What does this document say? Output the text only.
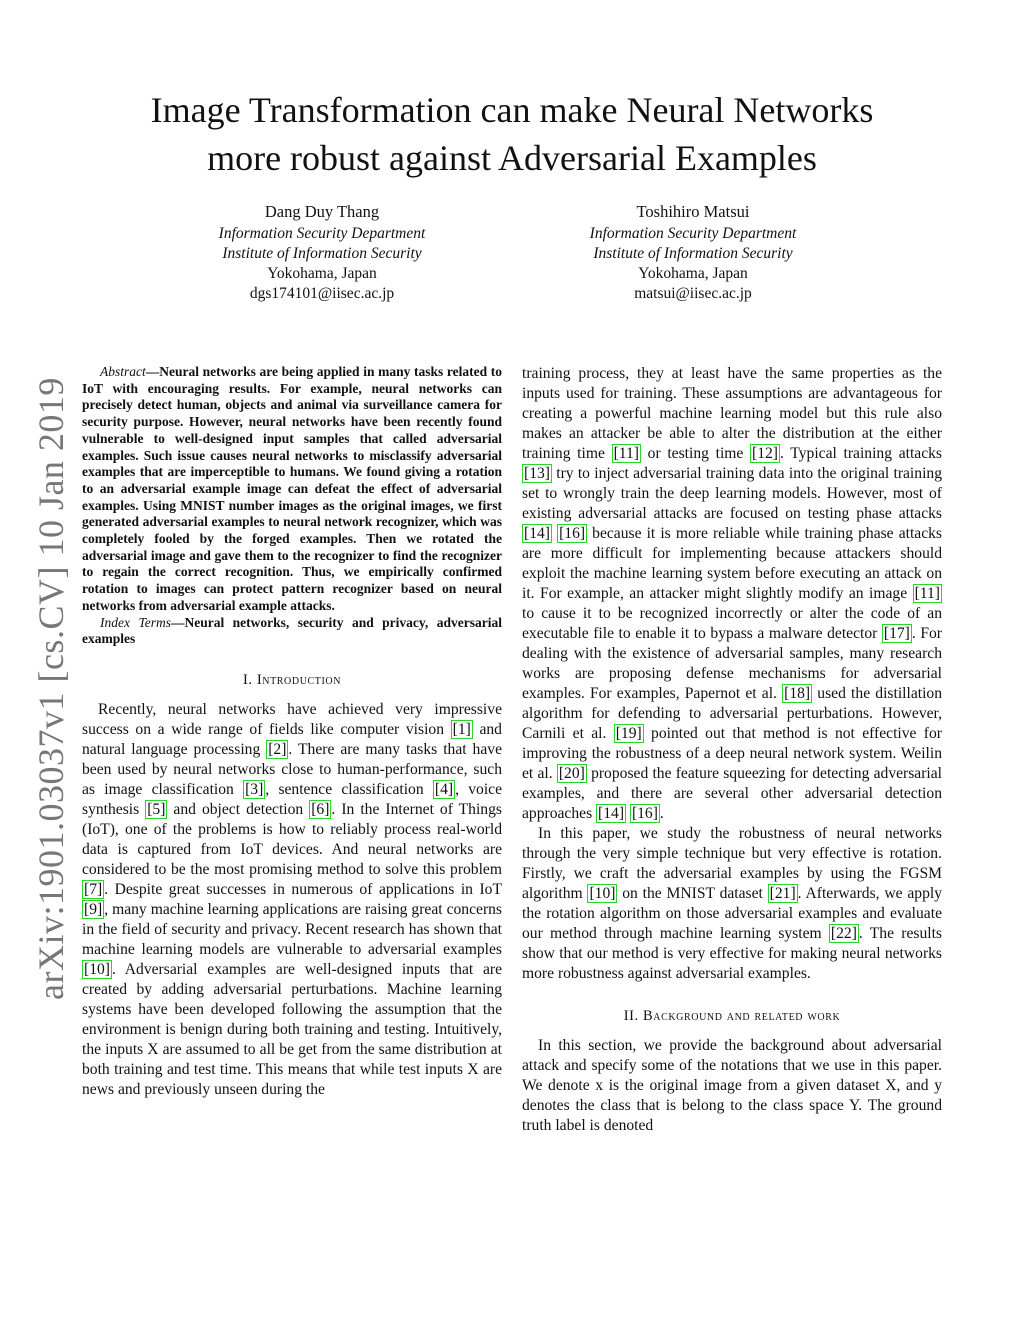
arXiv:1901.03037v1 [cs.CV] 10 Jan 2019
Image Transformation can make Neural Networks
more robust against Adversarial Examples
Dang Duy Thang
Information Security Department
Institute of Information Security
Yokohama, Japan
dgs174101@iisec.ac.jp
Toshihiro Matsui
Information Security Department
Institute of Information Security
Yokohama, Japan
matsui@iisec.ac.jp

Abstract—Neural networks are being applied in many tasks related to IoT with encouraging results. For example, neural networks can precisely detect human, objects and animal via surveillance camera for security purpose. However, neural networks have been recently found vulnerable to well-designed input samples that called adversarial examples. Such issue causes neural networks to misclassify adversarial examples that are imperceptible to humans. We found giving a rotation to an adversarial example image can defeat the effect of adversarial examples. Using MNIST number images as the original images, we first generated adversarial examples to neural network recognizer, which was completely fooled by the forged examples. Then we rotated the adversarial image and gave them to the recognizer to find the recognizer to regain the correct recognition. Thus, we empirically confirmed rotation to images can protect pattern recognizer based on neural networks from adversarial example attacks.

Index Terms—Neural networks, security and privacy, adversarial examples

I. Introduction

Recently, neural networks have achieved very impressive success on a wide range of fields like computer vision [1] and natural language processing [2] . There are many tasks that have been used by neural networks close to human-performance, such as image classification [3] , sentence classification [4] , voice synthesis [5] and object detection [6] . In the Internet of Things (IoT), one of the problems is how to reliably process real-world data is captured from IoT devices. And neural networks are considered to be the most promising method to solve this problem [7] . Despite great successes in numerous of applications in IoT [9] , many machine learning applications are raising great concerns in the field of security and privacy. Recent research has shown that machine learning models are vulnerable to adversarial examples [10] . Adversarial examples are well-designed inputs that are created by adding adversarial perturbations. Machine learning systems have been developed following the assumption that the environment is benign during both training and testing. Intuitively, the inputs X are assumed to all be get from the same distribution at both training and test time. This means that while test inputs X are news and previously unseen during the

training process, they at least have the same properties as the inputs used for training. These assumptions are advantageous for creating a powerful machine learning model but this rule also makes an attacker be able to alter the distribution at the either training time [11] or testing time [12] . Typical training attacks [13] try to inject adversarial training data into the original training set to wrongly train the deep learning models. However, most of existing adversarial attacks are focused on testing phase attacks [14] [16] because it is more reliable while training phase attacks are more difficult for implementing because attackers should exploit the machine learning system before executing an attack on it. For example, an attacker might slightly modify an image [11] to cause it to be recognized incorrectly or alter the code of an executable file to enable it to bypass a malware detector [17] . For dealing with the existence of adversarial samples, many research works are proposing defense mechanisms for adversarial examples. For examples, Papernot et al. [18] used the distillation algorithm for defending to adversarial perturbations. However, Carnili et al. [19] pointed out that method is not effective for improving the robustness of a deep neural network system. Weilin et al. [20] proposed the feature squeezing for detecting adversarial examples, and there are several other adversarial detection approaches [14] [16] .

In this paper, we study the robustness of neural networks through the very simple technique but very effective is rotation. Firstly, we craft the adversarial examples by using the FGSM algorithm [10] on the MNIST dataset [21] . Afterwards, we apply the rotation algorithm on those adversarial examples and evaluate our method through machine learning system [22] . The results show that our method is very effective for making neural networks more robustness against adversarial examples.

II. Background and related work

In this section, we provide the background about adversarial attack and specify some of the notations that we use in this paper. We denote x is the original image from a given dataset X, and y denotes the class that is belong to the class space Y. The ground truth label is denoted
